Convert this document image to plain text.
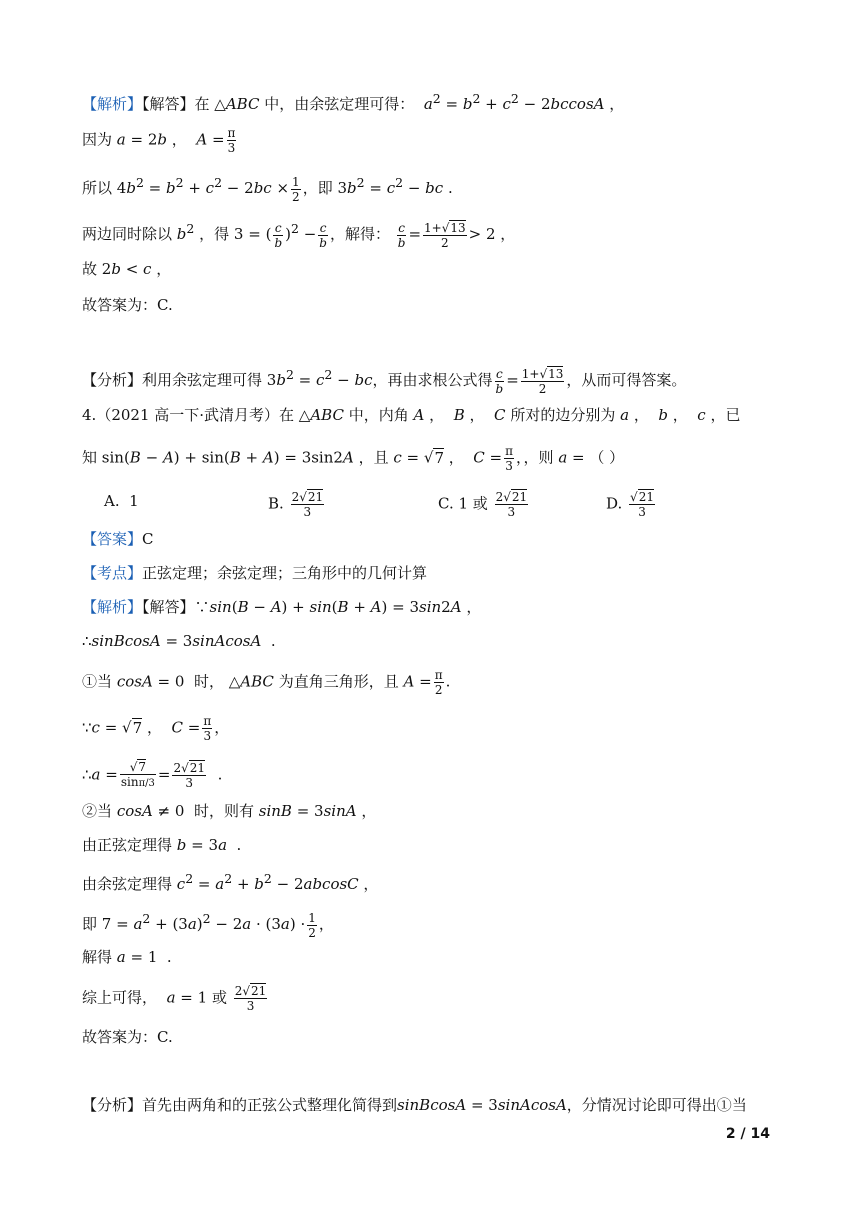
【解析】【解答】在 △ABC 中，由余弦定理可得： $a^2 = b^2 + c^2 - 2bccosA$ ，
因为 a = 2b ，  $A = \frac{\pi}{3}$
所以 $4b^2 = b^2 + c^2 - 2bc \times \frac{1}{2}$ ，即 $3b^2 = c^2$ − bc .
两边同时除以 $b^2$ ，得 3 = ( $\frac{c}{b} )^2 - \frac{c}{b}$ ，解得： $\frac{c}{b} = \frac{1+√13}{2} > 2$ ，
故 2b < c ，
故答案为：C.
【分析】利用余弦定理可得 $3b^2 = c^2$ − bc，再由求根公式得 $\frac{c}{b} = \frac{1+√13}{2}$ ，从而可得答案。
4.（2021 高一下·武清月考）在 △ABC 中，内角 A ，  B ，  C 所对的边分别为 a ，  b ，  c ，已
知 sin(B − A) + sin(B + A) = 3sin2A ，且 c = √7 ，  $C = \frac{\pi}{3}$ ，，则 a = （ ）
A. 1	B. $\frac{2√21}{3}$	C. 1 或 $\frac{2√21}{3}$	D. $\frac{√21}{3}$
【答案】C
【考点】正弦定理；余弦定理；三角形中的几何计算
【解析】【解答】∵sin(B − A) + sin(B + A) = 3sin2A ，
∴sinBcosA = 3sinAcosA  .
①当 cosA = 0  时， △ABC 为直角三角形，且 $A = \frac{\pi}{2}$ .
∵c = √7 ，  $C = \frac{\pi}{3}$ ，
∴a = $\frac{√7}{\sin\pi/3} = \frac{2√21}{3}$ .
②当 cosA ≠ 0  时，则有 sinB = 3sinA ，
由正弦定理得 b = 3a  .
由余弦定理得 $c^2 = a^2 + b^2 - 2abcosC$ ，
即 $7 = a^2 + (3a)^2 - 2a \cdot (3a) \cdot \frac{1}{2}$ ，
解得 a = 1  .
综上可得， a = 1 或 $\frac{2√21}{3}$
故答案为：C.
【分析】首先由两角和的正弦公式整理化简得到sinBcosA = 3sinAcosA，分情况讨论即可得出①当
2 / 14
